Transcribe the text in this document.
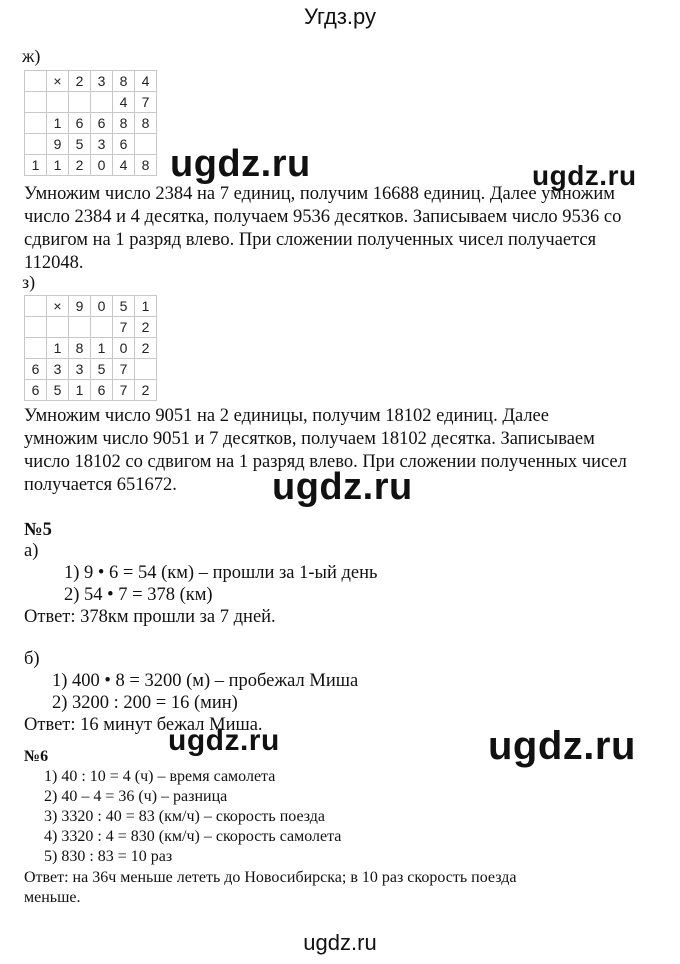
Угдз.ру
ж)
	×	2	3	8	4
				4	7
	1	6	6	8	8
	9	5	3	6	
1	1	2	0	4	8 ugdz.ru	ugdz.ru
Умножим число 2384 на 7 единиц, получим 16688 единиц. Далее умножим
число 2384 и 4 десятка, получаем 9536 десятков. Записываем число 9536 со
сдвигом на 1 разряд влево. При сложении полученных чисел получается
112048.
з)
	×	9	0	5	1
				7	2
	1	8	1	0	2
6	3	3	5	7	
6	5	1	6	7	2
Умножим число 9051 на 2 единицы, получим 18102 единиц. Далее
умножим число 9051 и 7 десятков, получаем 18102 десятка. Записываем
число 18102 со сдвигом на 1 разряд влево. При сложении полученных чисел
получается 651672.	ugdz.ru
№5
а)
1) 9 • 6 = 54 (км) – прошли за 1-ый день
2) 54 • 7 = 378 (км)
Ответ: 378км прошли за 7 дней.
б)
1) 400 • 8 = 3200 (м) – пробежал Миша
2) 3200 : 200 = 16 (мин)
Ответ: 16 минут бежал Миша.
ugdz.ru	ugdz.ru
№6
1) 40 : 10 = 4 (ч) – время самолета
2) 40 – 4 = 36 (ч) – разница
3) 3320 : 40 = 83 (км/ч) – скорость поезда
4) 3320 : 4 = 830 (км/ч) – скорость самолета
5) 830 : 83 = 10 раз
Ответ: на 36ч меньше лететь до Новосибирска; в 10 раз скорость поезда
меньше.
ugdz.ru
